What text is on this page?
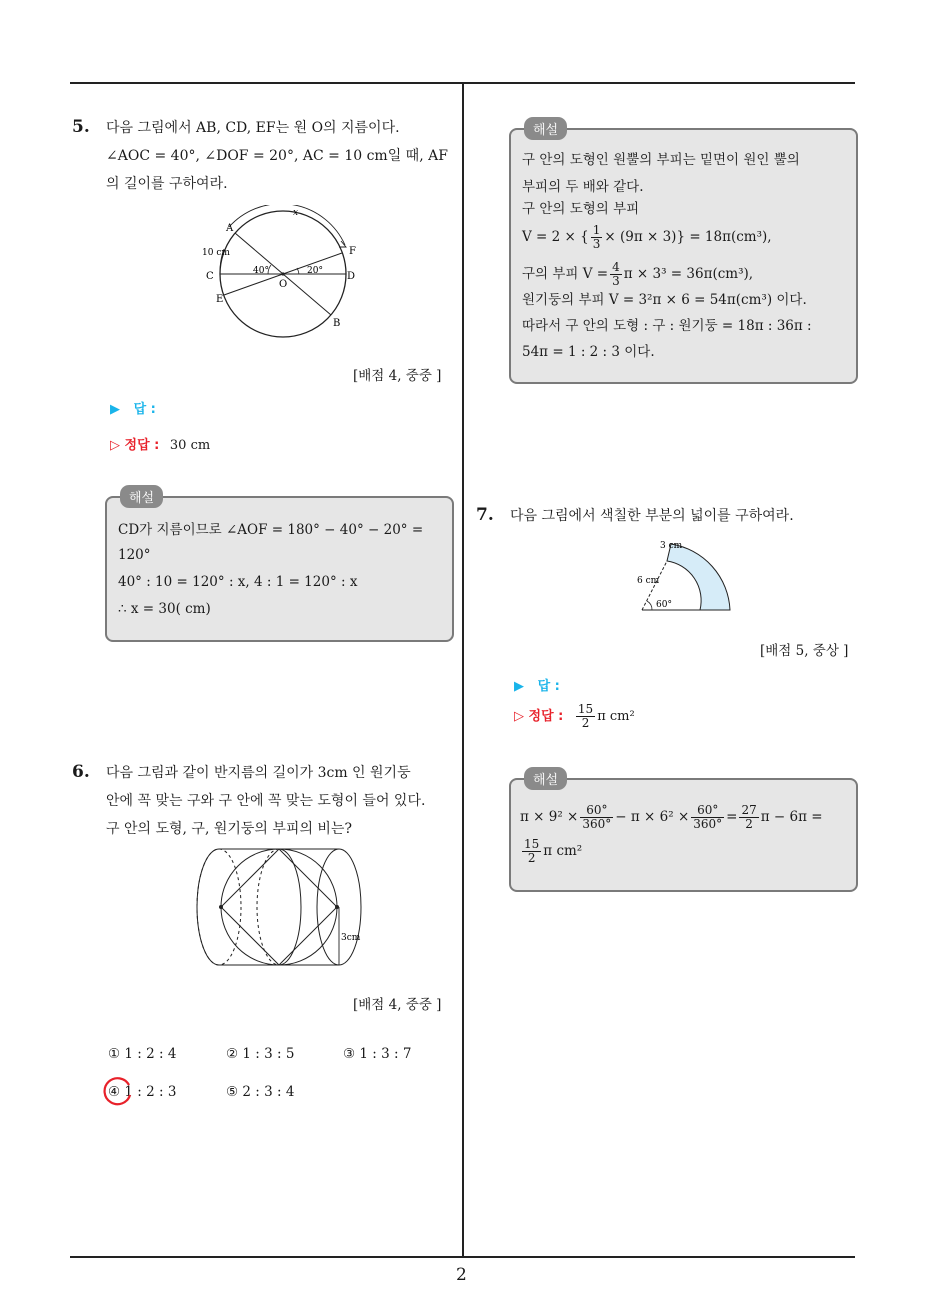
2
5. 다음 그림에서 AB, CD, EF는 원 O의 지름이다.
∠AOC = 40°, ∠DOF = 20°, AC = 10 cm일 때, AF
의 길이를 구하여라.
A
B
C	D
E
F
O
x
10 cm
40°	20°
[배점 4, 중중 ]
▶ 답 :
▷ 정답 : 30 cm
해설
CD가 지름이므로 ∠AOF = 180° − 40° − 20° =
120°
40° : 10 = 120° : x, 4 : 1 = 120° : x
∴ x = 30( cm)
6. 다음 그림과 같이 반지름의 길이가 3cm 인 원기둥
안에 꼭 맞는 구와 구 안에 꼭 맞는 도형이 들어 있다.
구 안의 도형, 구, 원기둥의 부피의 비는?
3cm
[배점 4, 중중 ]
① 1 : 2 : 4	② 1 : 3 : 5	③ 1 : 3 : 7
④ 1 : 2 : 3	⑤ 2 : 3 : 4
해설
구 안의 도형인 원뿔의 부피는 밑면이 원인 뿔의
부피의 두 배와 같다.
구 안의 도형의 부피
V = 2 × { $\frac{1}{3} \times (9\pi \times 3)\} = 18\pi(cm^3)$,
구의 부피 $V = \frac{4}{3}$ π × 3³ = 36π(cm³),
원기둥의 부피 V = 3²π × 6 = 54π(cm³) 이다.
따라서 구 안의 도형 : 구 : 원기둥 = 18π : 36π :
54π = 1 : 2 : 3 이다.
7. 다음 그림에서 색칠한 부분의 넓이를 구하여라.
3 cm
6 cm
60°
[배점 5, 중상 ]
▶ 답 :
▷ 정답 : $\frac{15}{2}$ π cm²
해설
$\pi \times 9^2 \times \frac{60^\circ}{360^\circ} - \pi \times 6^2 \times \frac{60^\circ}{360^\circ} = \frac{27}{2}$ π − 6π =
$\frac{15}{2}$ π cm²
